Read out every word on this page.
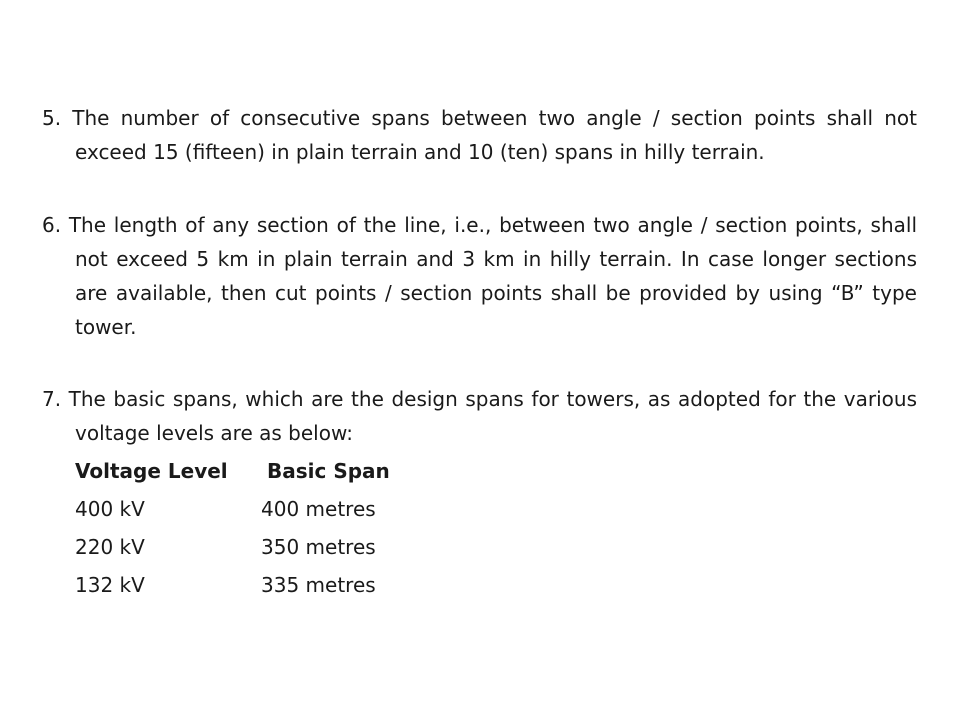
5. The number of consecutive spans between two angle / section points shall not exceed 15 (fifteen) in plain terrain and 10 (ten) spans in hilly terrain.

6. The length of any section of the line, i.e., between two angle / section points, shall not exceed 5 km in plain terrain and 3 km in hilly terrain. In case longer sections are available, then cut points / section points shall be provided by using “B” type tower.

7. The basic spans, which are the design spans for towers, as adopted for the various voltage levels are as below:

Voltage Level	Basic Span
400 kV	400 metres
220 kV	350 metres
132 kV	335 metres
